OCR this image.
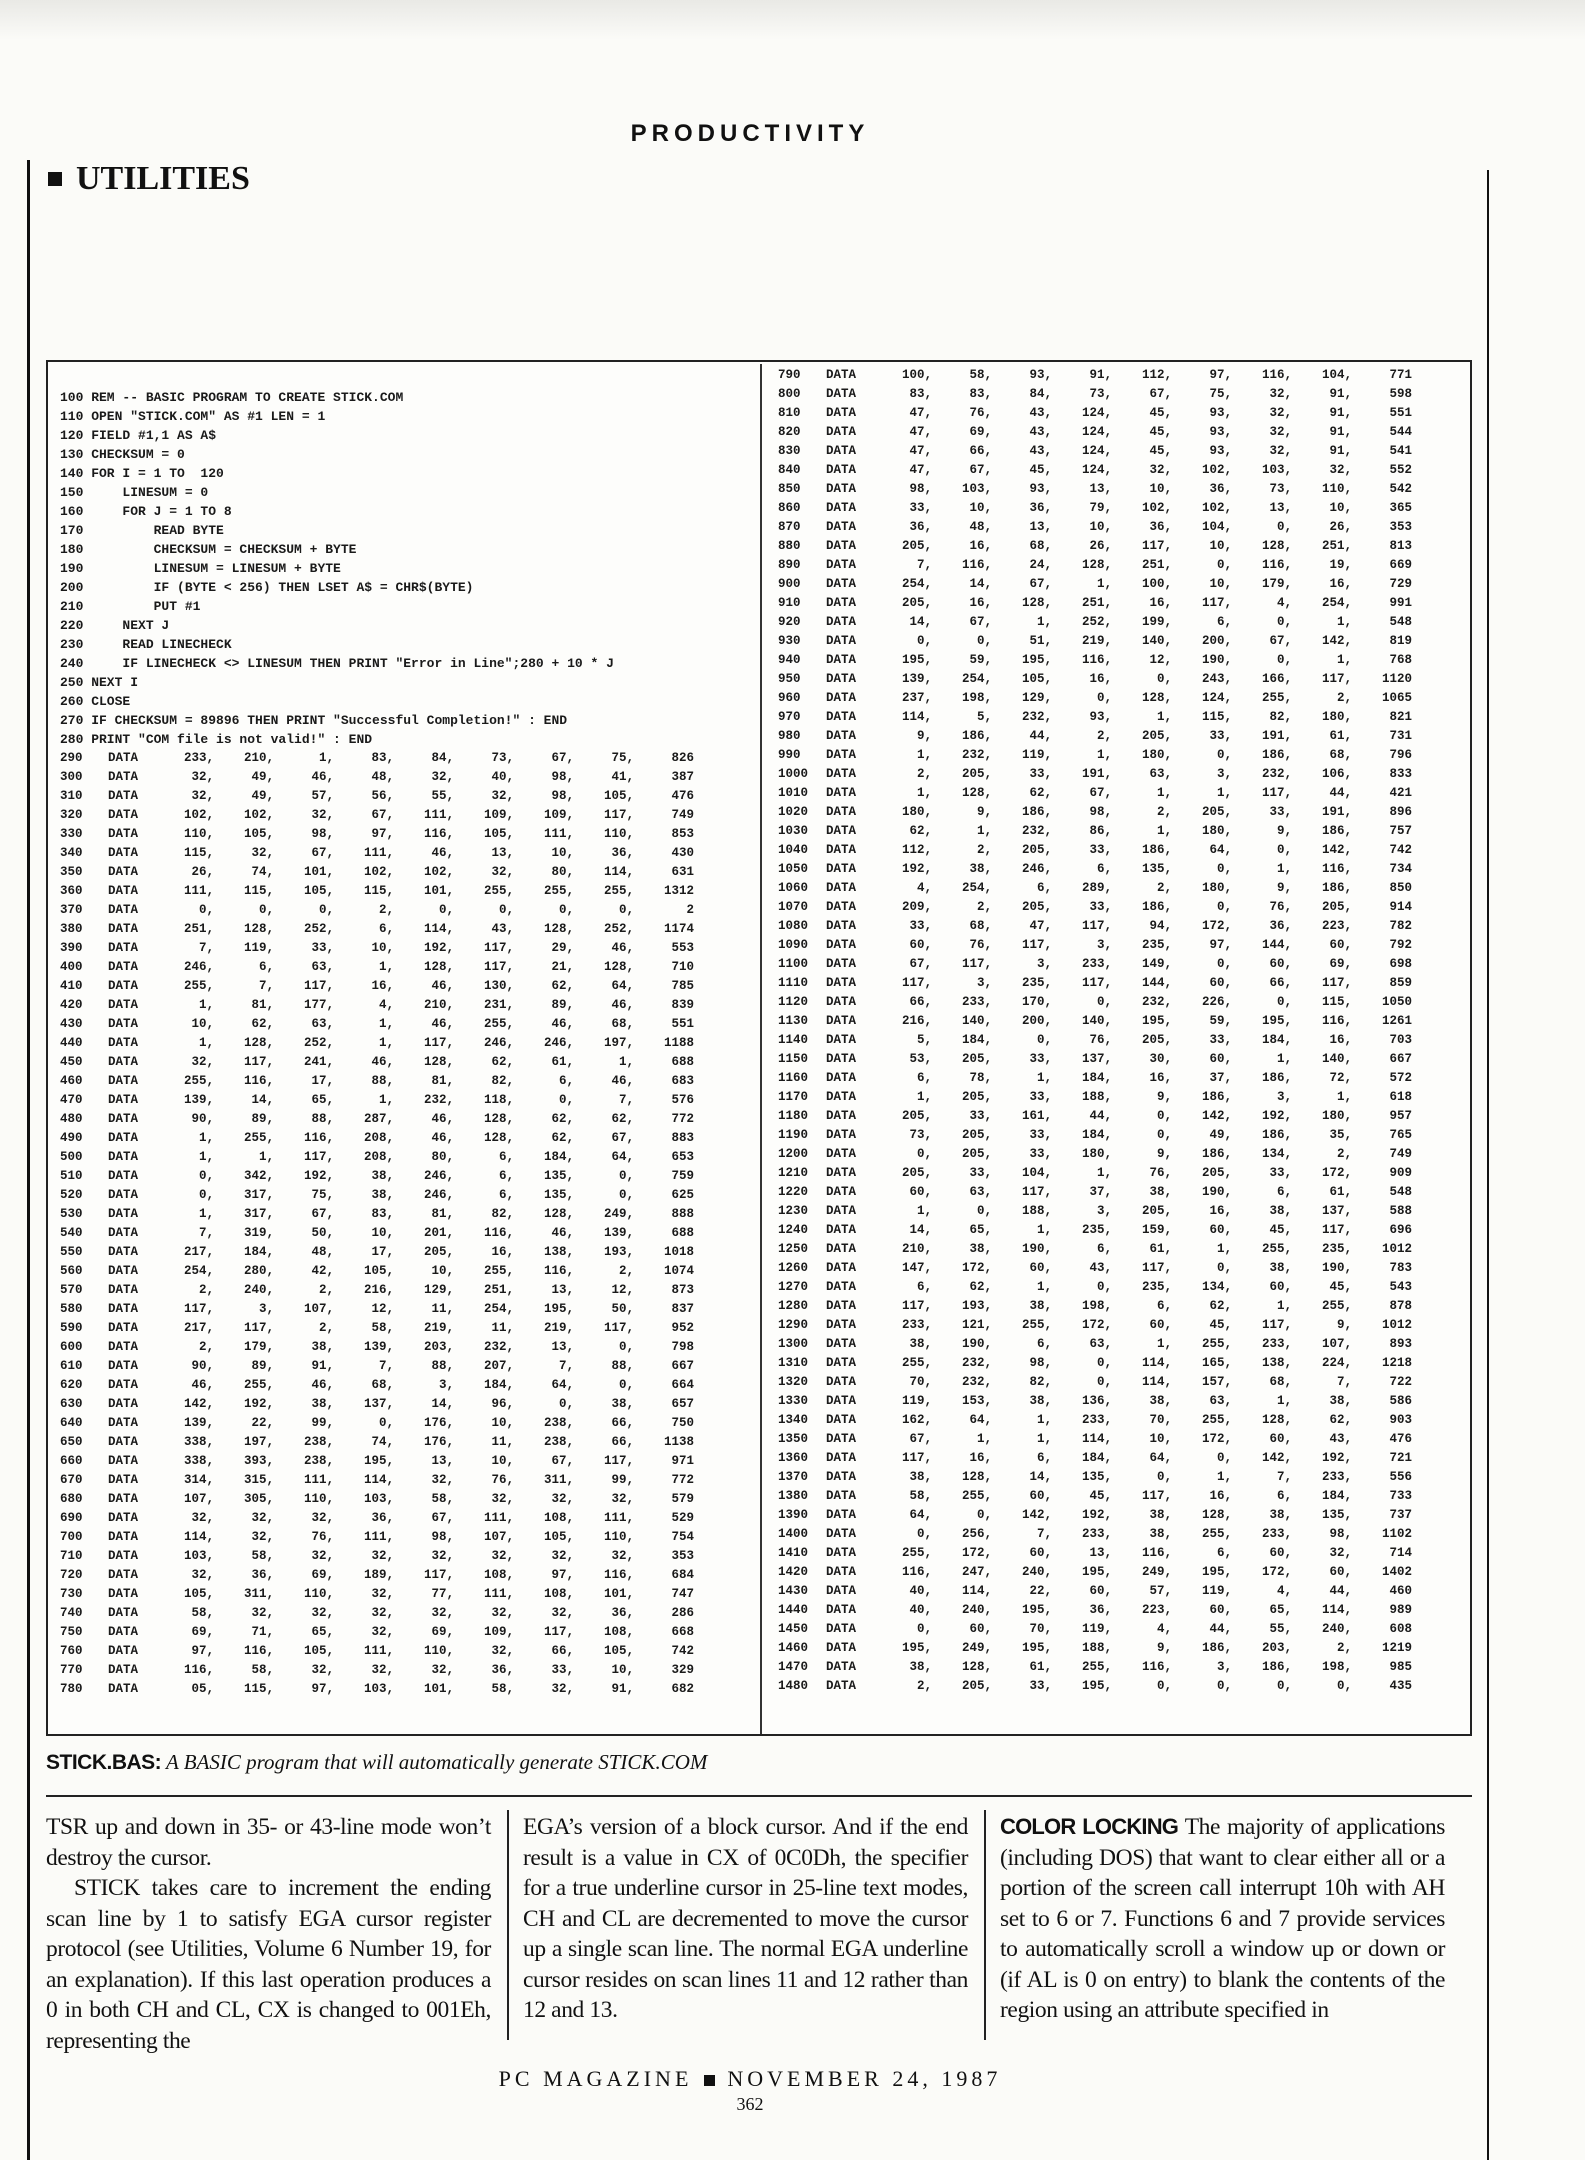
PRODUCTIVITY
UTILITIES
100 REM -- BASIC PROGRAM TO CREATE STICK.COM
110 OPEN "STICK.COM" AS #1 LEN = 1
120 FIELD #1,1 AS A$
130 CHECKSUM = 0
140 FOR I = 1 TO  120
150     LINESUM = 0
160     FOR J = 1 TO 8
170         READ BYTE
180         CHECKSUM = CHECKSUM + BYTE
190         LINESUM = LINESUM + BYTE
200         IF (BYTE < 256) THEN LSET A$ = CHR$(BYTE)
210         PUT #1
220     NEXT J
230     READ LINECHECK
240     IF LINECHECK <> LINESUM THEN PRINT "Error in Line";280 + 10 * J
250 NEXT I
260 CLOSE
270 IF CHECKSUM = 89896 THEN PRINT "Successful Completion!" : END
280 PRINT "COM file is not valid!" : END
290	DATA	233,	210,	1,	83,	84,	73,	67,	75,	826
300	DATA	32,	49,	46,	48,	32,	40,	98,	41,	387
310	DATA	32,	49,	57,	56,	55,	32,	98,	105,	476
320	DATA	102,	102,	32,	67,	111,	109,	109,	117,	749
330	DATA	110,	105,	98,	97,	116,	105,	111,	110,	853
340	DATA	115,	32,	67,	111,	46,	13,	10,	36,	430
350	DATA	26,	74,	101,	102,	102,	32,	80,	114,	631
360	DATA	111,	115,	105,	115,	101,	255,	255,	255,	1312
370	DATA	0,	0,	0,	2,	0,	0,	0,	0,	2
380	DATA	251,	128,	252,	6,	114,	43,	128,	252,	1174
390	DATA	7,	119,	33,	10,	192,	117,	29,	46,	553
400	DATA	246,	6,	63,	1,	128,	117,	21,	128,	710
410	DATA	255,	7,	117,	16,	46,	130,	62,	64,	785
420	DATA	1,	81,	177,	4,	210,	231,	89,	46,	839
430	DATA	10,	62,	63,	1,	46,	255,	46,	68,	551
440	DATA	1,	128,	252,	1,	117,	246,	246,	197,	1188
450	DATA	32,	117,	241,	46,	128,	62,	61,	1,	688
460	DATA	255,	116,	17,	88,	81,	82,	6,	46,	683
470	DATA	139,	14,	65,	1,	232,	118,	0,	7,	576
480	DATA	90,	89,	88,	287,	46,	128,	62,	62,	772
490	DATA	1,	255,	116,	208,	46,	128,	62,	67,	883
500	DATA	1,	1,	117,	208,	80,	6,	184,	64,	653
510	DATA	0,	342,	192,	38,	246,	6,	135,	0,	759
520	DATA	0,	317,	75,	38,	246,	6,	135,	0,	625
530	DATA	1,	317,	67,	83,	81,	82,	128,	249,	888
540	DATA	7,	319,	50,	10,	201,	116,	46,	139,	688
550	DATA	217,	184,	48,	17,	205,	16,	138,	193,	1018
560	DATA	254,	280,	42,	105,	10,	255,	116,	2,	1074
570	DATA	2,	240,	2,	216,	129,	251,	13,	12,	873
580	DATA	117,	3,	107,	12,	11,	254,	195,	50,	837
590	DATA	217,	117,	2,	58,	219,	11,	219,	117,	952
600	DATA	2,	179,	38,	139,	203,	232,	13,	0,	798
610	DATA	90,	89,	91,	7,	88,	207,	7,	88,	667
620	DATA	46,	255,	46,	68,	3,	184,	64,	0,	664
630	DATA	142,	192,	38,	137,	14,	96,	0,	38,	657
640	DATA	139,	22,	99,	0,	176,	10,	238,	66,	750
650	DATA	338,	197,	238,	74,	176,	11,	238,	66,	1138
660	DATA	338,	393,	238,	195,	13,	10,	67,	117,	971
670	DATA	314,	315,	111,	114,	32,	76,	311,	99,	772
680	DATA	107,	305,	110,	103,	58,	32,	32,	32,	579
690	DATA	32,	32,	32,	36,	67,	111,	108,	111,	529
700	DATA	114,	32,	76,	111,	98,	107,	105,	110,	754
710	DATA	103,	58,	32,	32,	32,	32,	32,	32,	353
720	DATA	32,	36,	69,	189,	117,	108,	97,	116,	684
730	DATA	105,	311,	110,	32,	77,	111,	108,	101,	747
740	DATA	58,	32,	32,	32,	32,	32,	32,	36,	286
750	DATA	69,	71,	65,	32,	69,	109,	117,	108,	668
760	DATA	97,	116,	105,	111,	110,	32,	66,	105,	742
770	DATA	116,	58,	32,	32,	32,	36,	33,	10,	329
780	DATA	05,	115,	97,	103,	101,	58,	32,	91,	682
790	DATA	100,	58,	93,	91,	112,	97,	116,	104,	771
800	DATA	83,	83,	84,	73,	67,	75,	32,	91,	598
810	DATA	47,	76,	43,	124,	45,	93,	32,	91,	551
820	DATA	47,	69,	43,	124,	45,	93,	32,	91,	544
830	DATA	47,	66,	43,	124,	45,	93,	32,	91,	541
840	DATA	47,	67,	45,	124,	32,	102,	103,	32,	552
850	DATA	98,	103,	93,	13,	10,	36,	73,	110,	542
860	DATA	33,	10,	36,	79,	102,	102,	13,	10,	365
870	DATA	36,	48,	13,	10,	36,	104,	0,	26,	353
880	DATA	205,	16,	68,	26,	117,	10,	128,	251,	813
890	DATA	7,	116,	24,	128,	251,	0,	116,	19,	669
900	DATA	254,	14,	67,	1,	100,	10,	179,	16,	729
910	DATA	205,	16,	128,	251,	16,	117,	4,	254,	991
920	DATA	14,	67,	1,	252,	199,	6,	0,	1,	548
930	DATA	0,	0,	51,	219,	140,	200,	67,	142,	819
940	DATA	195,	59,	195,	116,	12,	190,	0,	1,	768
950	DATA	139,	254,	105,	16,	0,	243,	166,	117,	1120
960	DATA	237,	198,	129,	0,	128,	124,	255,	2,	1065
970	DATA	114,	5,	232,	93,	1,	115,	82,	180,	821
980	DATA	9,	186,	44,	2,	205,	33,	191,	61,	731
990	DATA	1,	232,	119,	1,	180,	0,	186,	68,	796
1000	DATA	2,	205,	33,	191,	63,	3,	232,	106,	833
1010	DATA	1,	128,	62,	67,	1,	1,	117,	44,	421
1020	DATA	180,	9,	186,	98,	2,	205,	33,	191,	896
1030	DATA	62,	1,	232,	86,	1,	180,	9,	186,	757
1040	DATA	112,	2,	205,	33,	186,	64,	0,	142,	742
1050	DATA	192,	38,	246,	6,	135,	0,	1,	116,	734
1060	DATA	4,	254,	6,	289,	2,	180,	9,	186,	850
1070	DATA	209,	2,	205,	33,	186,	0,	76,	205,	914
1080	DATA	33,	68,	47,	117,	94,	172,	36,	223,	782
1090	DATA	60,	76,	117,	3,	235,	97,	144,	60,	792
1100	DATA	67,	117,	3,	233,	149,	0,	60,	69,	698
1110	DATA	117,	3,	235,	117,	144,	60,	66,	117,	859
1120	DATA	66,	233,	170,	0,	232,	226,	0,	115,	1050
1130	DATA	216,	140,	200,	140,	195,	59,	195,	116,	1261
1140	DATA	5,	184,	0,	76,	205,	33,	184,	16,	703
1150	DATA	53,	205,	33,	137,	30,	60,	1,	140,	667
1160	DATA	6,	78,	1,	184,	16,	37,	186,	72,	572
1170	DATA	1,	205,	33,	188,	9,	186,	3,	1,	618
1180	DATA	205,	33,	161,	44,	0,	142,	192,	180,	957
1190	DATA	73,	205,	33,	184,	0,	49,	186,	35,	765
1200	DATA	0,	205,	33,	180,	9,	186,	134,	2,	749
1210	DATA	205,	33,	104,	1,	76,	205,	33,	172,	909
1220	DATA	60,	63,	117,	37,	38,	190,	6,	61,	548
1230	DATA	1,	0,	188,	3,	205,	16,	38,	137,	588
1240	DATA	14,	65,	1,	235,	159,	60,	45,	117,	696
1250	DATA	210,	38,	190,	6,	61,	1,	255,	235,	1012
1260	DATA	147,	172,	60,	43,	117,	0,	38,	190,	783
1270	DATA	6,	62,	1,	0,	235,	134,	60,	45,	543
1280	DATA	117,	193,	38,	198,	6,	62,	1,	255,	878
1290	DATA	233,	121,	255,	172,	60,	45,	117,	9,	1012
1300	DATA	38,	190,	6,	63,	1,	255,	233,	107,	893
1310	DATA	255,	232,	98,	0,	114,	165,	138,	224,	1218
1320	DATA	70,	232,	82,	0,	114,	157,	68,	7,	722
1330	DATA	119,	153,	38,	136,	38,	63,	1,	38,	586
1340	DATA	162,	64,	1,	233,	70,	255,	128,	62,	903
1350	DATA	67,	1,	1,	114,	10,	172,	60,	43,	476
1360	DATA	117,	16,	6,	184,	64,	0,	142,	192,	721
1370	DATA	38,	128,	14,	135,	0,	1,	7,	233,	556
1380	DATA	58,	255,	60,	45,	117,	16,	6,	184,	733
1390	DATA	64,	0,	142,	192,	38,	128,	38,	135,	737
1400	DATA	0,	256,	7,	233,	38,	255,	233,	98,	1102
1410	DATA	255,	172,	60,	13,	116,	6,	60,	32,	714
1420	DATA	116,	247,	240,	195,	249,	195,	172,	60,	1402
1430	DATA	40,	114,	22,	60,	57,	119,	4,	44,	460
1440	DATA	40,	240,	195,	36,	223,	60,	65,	114,	989
1450	DATA	0,	60,	70,	119,	4,	44,	55,	240,	608
1460	DATA	195,	249,	195,	188,	9,	186,	203,	2,	1219
1470	DATA	38,	128,	61,	255,	116,	3,	186,	198,	985
1480	DATA	2,	205,	33,	195,	0,	0,	0,	0,	435
STICK.BAS: A BASIC program that will automatically generate STICK.COM

TSR up and down in 35- or 43-line mode won’t destroy the cursor.

STICK takes care to increment the ending scan line by 1 to satisfy EGA cursor register protocol (see Utilities, Volume 6 Number 19, for an explanation). If this last operation produces a 0 in both CH and CL, CX is changed to 001Eh, representing the

EGA’s version of a block cursor. And if the end result is a value in CX of 0C0Dh, the specifier for a true underline cursor in 25-line text modes, CH and CL are decremented to move the cursor up a single scan line. The normal EGA underline cursor resides on scan lines 11 and 12 rather than 12 and 13.

COLOR LOCKING The majority of applications (including DOS) that want to clear either all or a portion of the screen call interrupt 10h with AH set to 6 or 7. Functions 6 and 7 provide services to automatically scroll a window up or down or (if AL is 0 on entry) to blank the contents of the region using an attribute specified in

PC MAGAZINE NOVEMBER 24, 1987
362
